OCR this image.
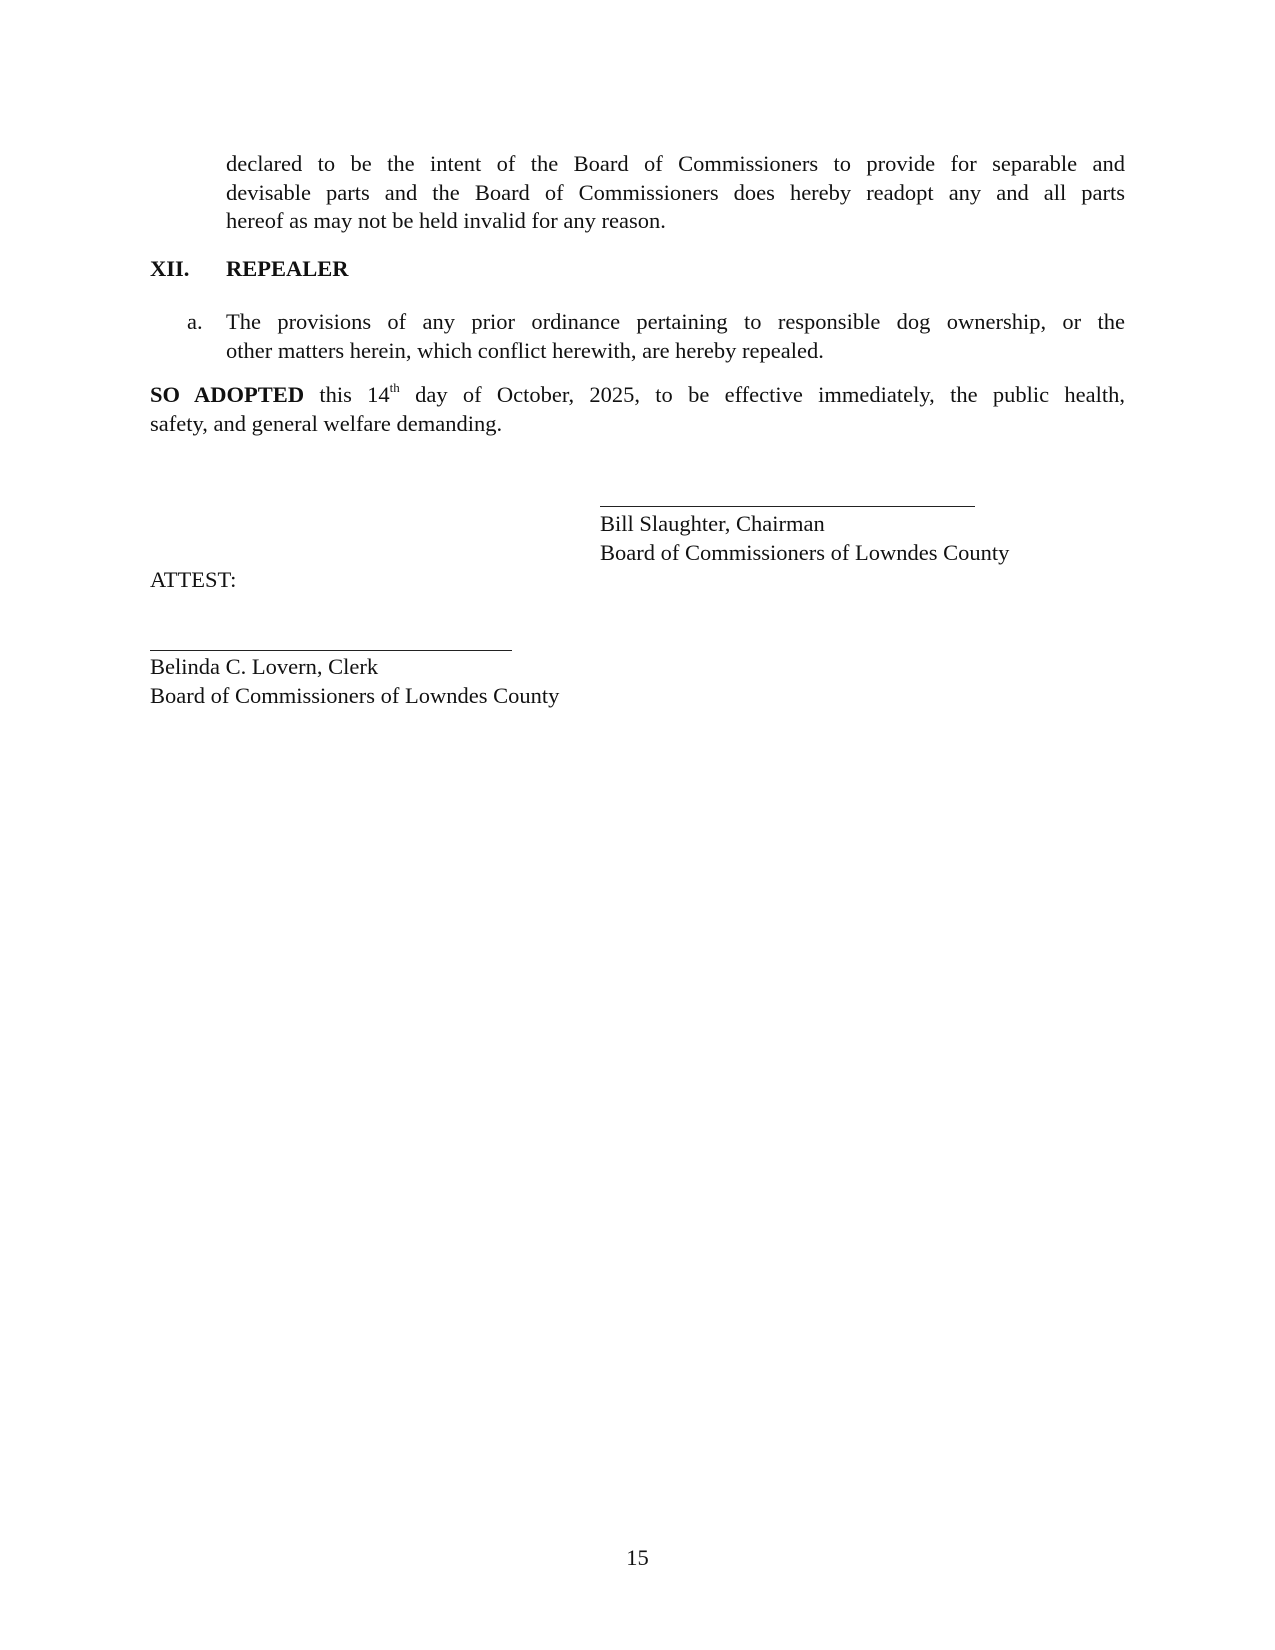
declared to be the intent of the Board of Commissioners to provide for separable and
devisable parts and the Board of Commissioners does hereby readopt any and all parts
hereof as may not be held invalid for any reason.
XII. REPEALER
a. The provisions of any prior ordinance pertaining to responsible dog ownership, or the
other matters herein, which conflict herewith, are hereby repealed.
SO ADOPTED this 14th day of October, 2025, to be effective immediately, the public health,
safety, and general welfare demanding.
Bill Slaughter, Chairman
Board of Commissioners of Lowndes County
ATTEST:
Belinda C. Lovern, Clerk
Board of Commissioners of Lowndes County
15
